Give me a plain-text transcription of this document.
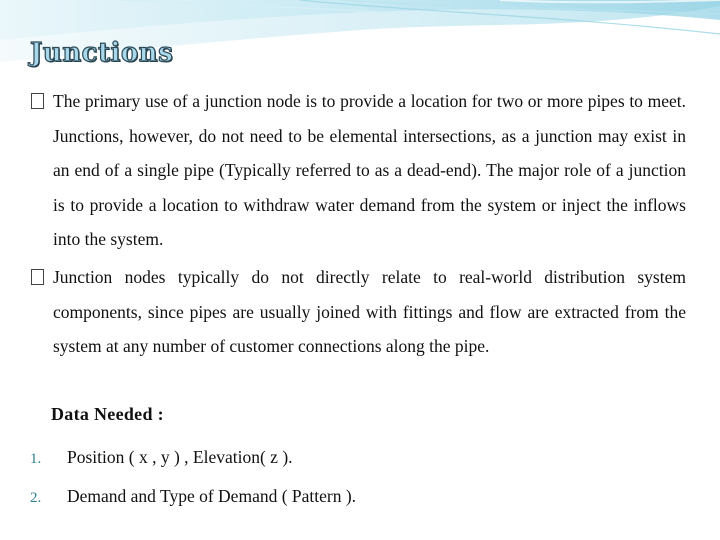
Junctions
The primary use of a junction node is to provide a location for two or more pipes to meet. Junctions, however, do not need to be elemental intersections, as a junction may exist in an end of a single pipe (Typically referred to as a dead-end). The major role of a junction is to provide a location to withdraw water demand from the system or inject the inflows into the system.
Junction nodes typically do not directly relate to real-world distribution system components, since pipes are usually joined with fittings and flow are extracted from the system at any number of customer connections along the pipe.
Data Needed :
1. Position ( x , y ) , Elevation( z ).
2. Demand and Type of Demand ( Pattern ).
